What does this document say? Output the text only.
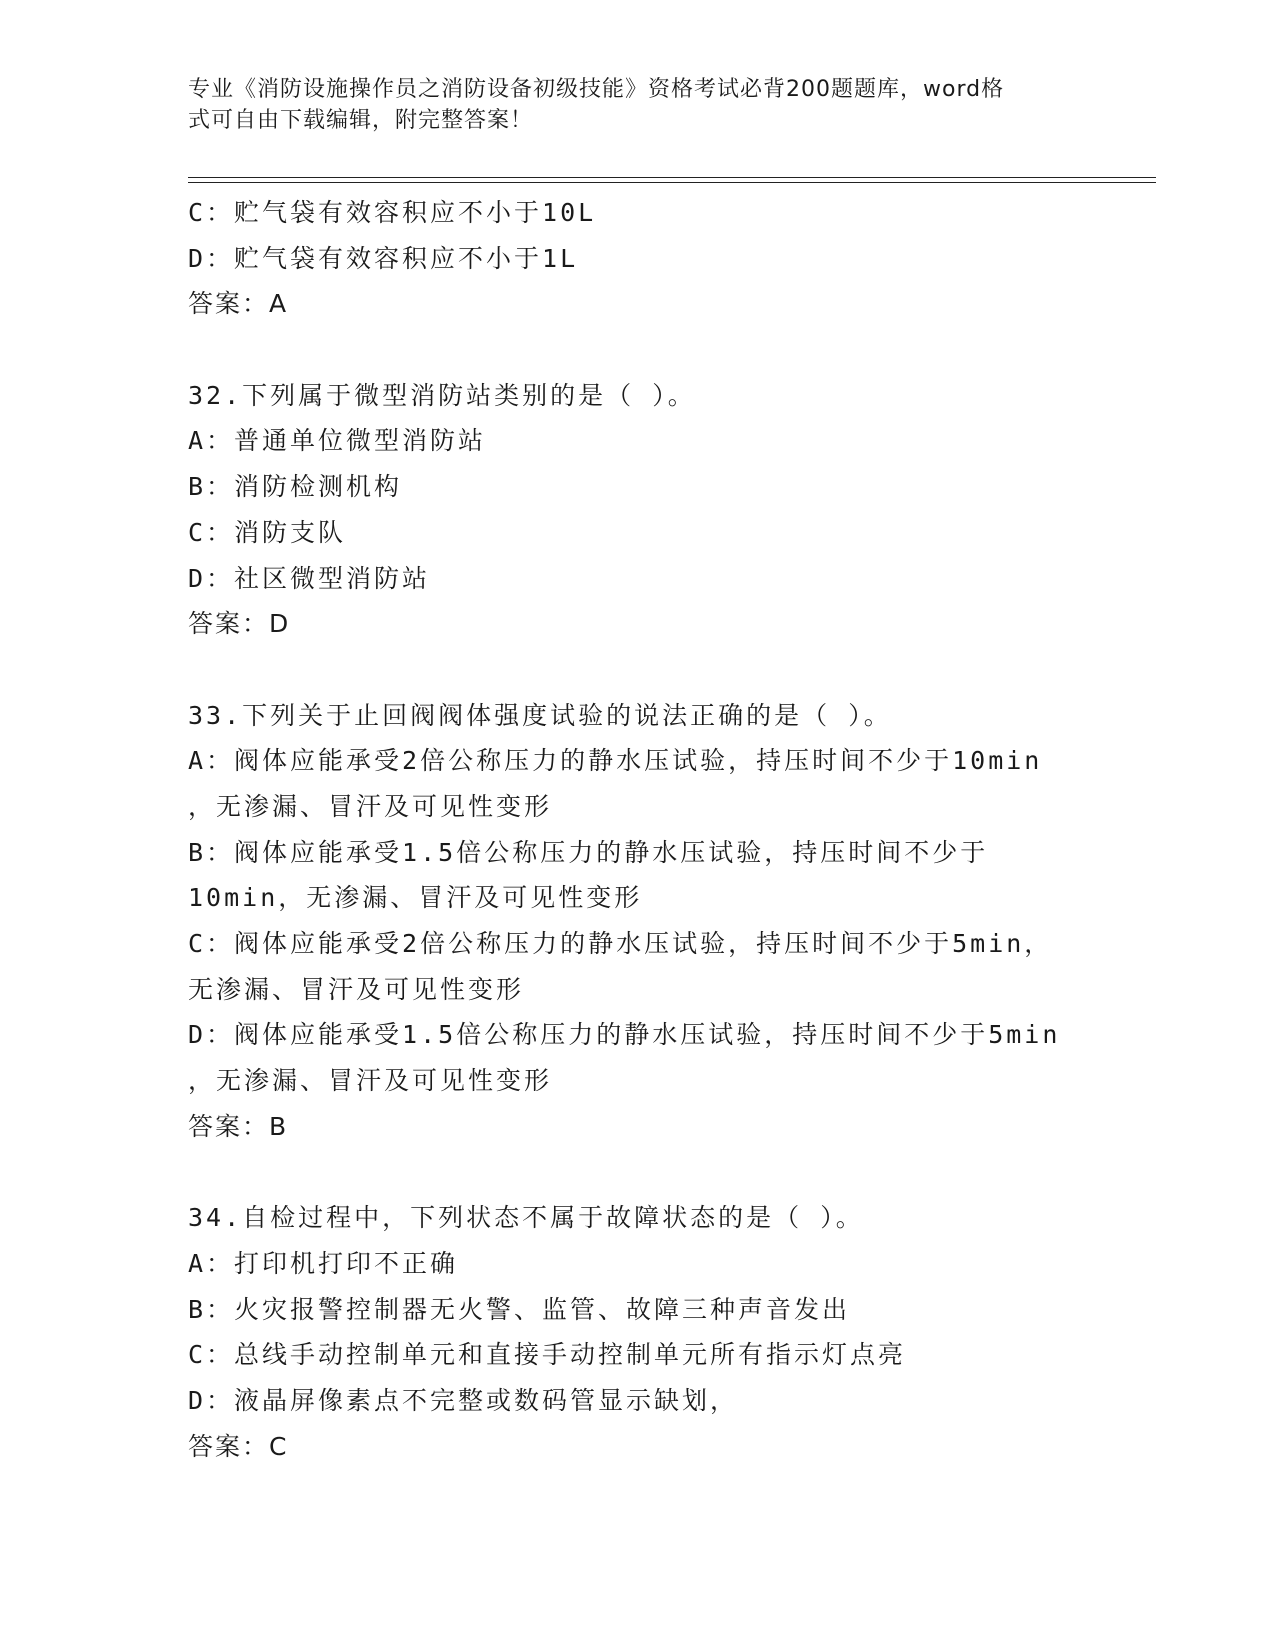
专业《消防设施操作员之消防设备初级技能》资格考试必背200题题库，word格
式可自由下载编辑，附完整答案！
C：贮气袋有效容积应不小于10L
D：贮气袋有效容积应不小于1L
答案：A
32.下列属于微型消防站类别的是（ ）。
A：普通单位微型消防站
B：消防检测机构
C：消防支队
D：社区微型消防站
答案：D
33.下列关于止回阀阀体强度试验的说法正确的是（ ）。
A：阀体应能承受2倍公称压力的静水压试验，持压时间不少于10min
，无渗漏、冒汗及可见性变形
B：阀体应能承受1.5倍公称压力的静水压试验，持压时间不少于
10min，无渗漏、冒汗及可见性变形
C：阀体应能承受2倍公称压力的静水压试验，持压时间不少于5min，
无渗漏、冒汗及可见性变形
D：阀体应能承受1.5倍公称压力的静水压试验，持压时间不少于5min
，无渗漏、冒汗及可见性变形
答案：B
34.自检过程中，下列状态不属于故障状态的是（ ）。
A：打印机打印不正确
B：火灾报警控制器无火警、监管、故障三种声音发出
C：总线手动控制单元和直接手动控制单元所有指示灯点亮
D：液晶屏像素点不完整或数码管显示缺划，
答案：C
